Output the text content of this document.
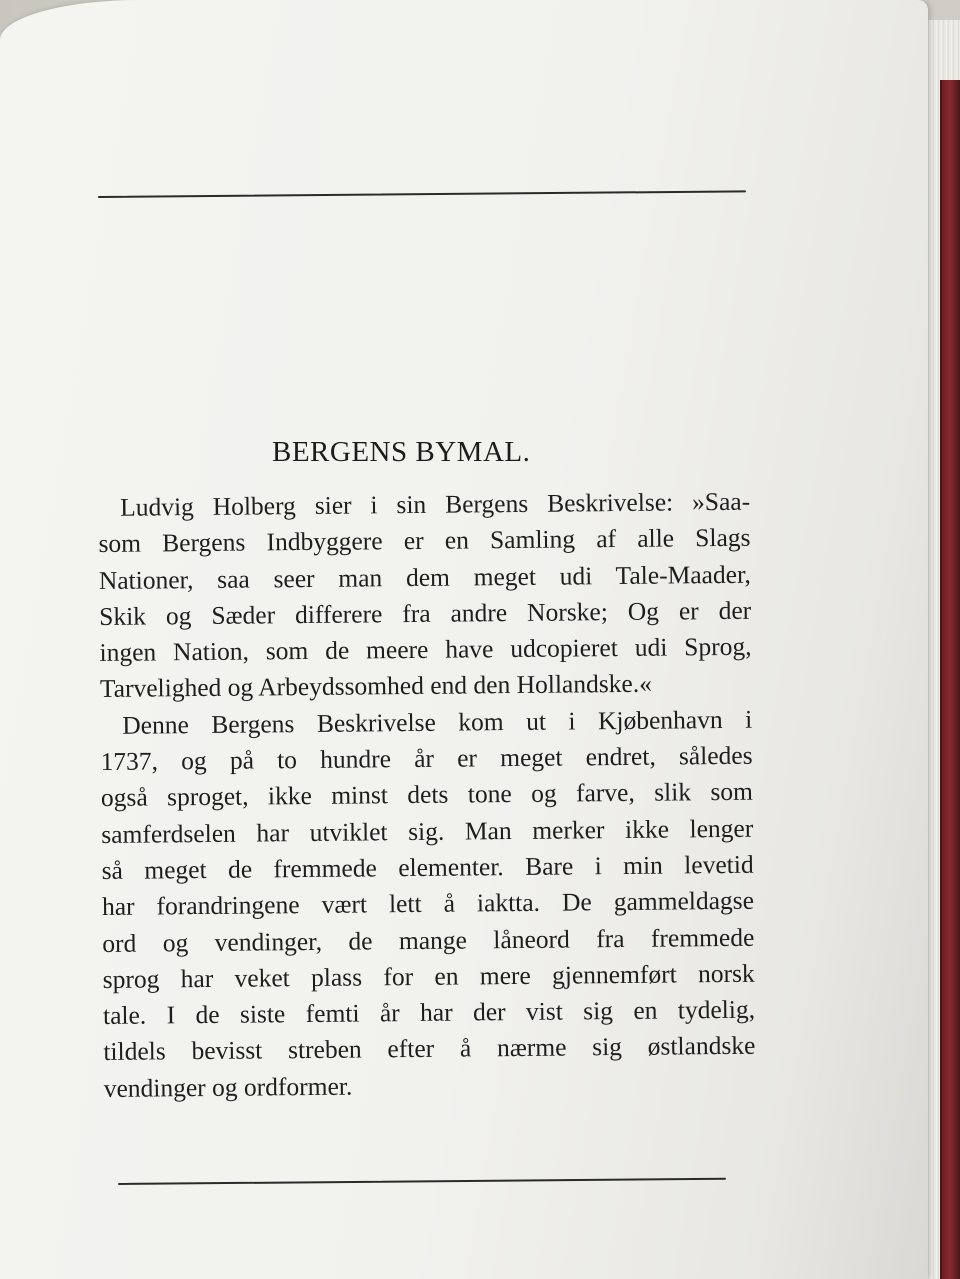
BERGENS BYMAL.
Ludvig Holberg sier i sin Bergens Beskrivelse: »Saa-
som Bergens Indbyggere er en Samling af alle Slags
Nationer, saa seer man dem meget udi Tale-Maader,
Skik og Sæder differere fra andre Norske; Og er der
ingen Nation, som de meere have udcopieret udi Sprog,
Tarvelighed og Arbeydssomhed end den Hollandske.«
Denne Bergens Beskrivelse kom ut i Kjøbenhavn i
1737, og på to hundre år er meget endret, således
også sproget, ikke minst dets tone og farve, slik som
samferdselen har utviklet sig. Man merker ikke lenger
så meget de fremmede elementer. Bare i min levetid
har forandringene vært lett å iaktta. De gammeldagse
ord og vendinger, de mange låneord fra fremmede
sprog har veket plass for en mere gjennemført norsk
tale. I de siste femti år har der vist sig en tydelig,
tildels bevisst streben efter å nærme sig østlandske
vendinger og ordformer.
